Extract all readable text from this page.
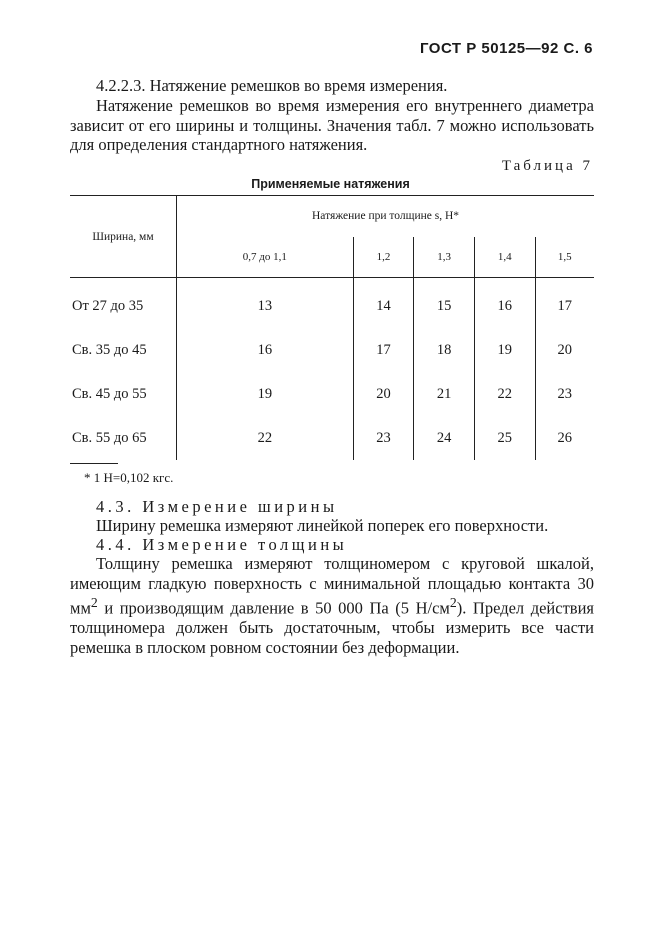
ГОСТ Р 50125—92 С. 6
4.2.2.3. Натяжение ремешков во время измерения.
Натяжение ремешков во время измерения его внутреннего диаметра зависит от его ширины и толщины. Значения табл. 7 можно использовать для определения стандартного натяжения.
Таблица 7
Применяемые натяжения
Ширина, мм	Натяжение при толщине s, Н*				
	0,7 до 1,1	1,2	1,3	1,4	1,5
От 27 до 35	13	14	15	16	17
Св. 35 до 45	16	17	18	19	20
Св. 45 до 55	19	20	21	22	23
Св. 55 до 65	22	23	24	25	26
* 1 Н=0,102 кгс.
4.3. Измерение ширины
Ширину ремешка измеряют линейкой поперек его поверхности.
4.4. Измерение толщины
Толщину ремешка измеряют толщиномером с круговой шкалой, имеющим гладкую поверхность с минимальной площадью контакта 30 $мм^2$ и производящим давление в 50 000 Па (5 $Н/см^2$). Предел действия толщиномера должен быть достаточным, чтобы измерить все части ремешка в плоском ровном состоянии без деформации.
